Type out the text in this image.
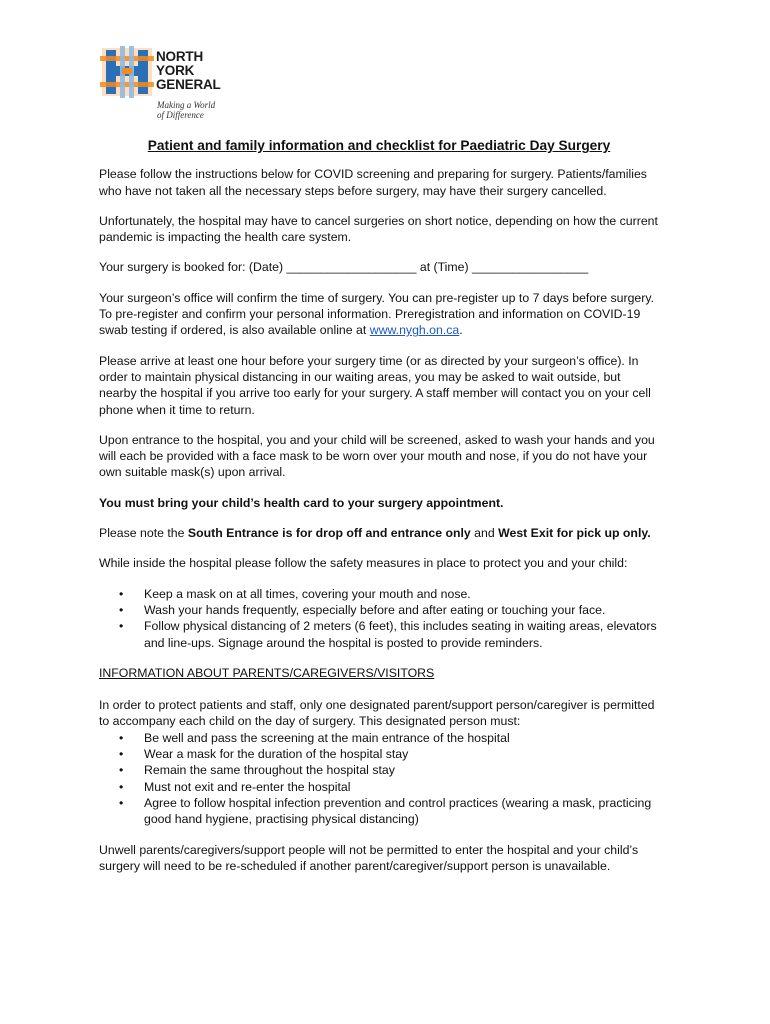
NORTH
YORK
GENERAL
Making a World
of Difference
Patient and family information and checklist for Paediatric Day Surgery

Please follow the instructions below for COVID screening and preparing for surgery. Patients/families who have not taken all the necessary steps before surgery, may have their surgery cancelled.

Unfortunately, the hospital may have to cancel surgeries on short notice, depending on how the current pandemic is impacting the health care system.

Your surgery is booked for: (Date) ___________________ at (Time) _________________

Your surgeon’s office will confirm the time of surgery. You can pre-register up to 7 days before surgery. To pre-register and confirm your personal information. Preregistration and information on COVID-19 swab testing if ordered, is also available online at www.nygh.on.ca.

Please arrive at least one hour before your surgery time (or as directed by your surgeon’s office). In order to maintain physical distancing in our waiting areas, you may be asked to wait outside, but nearby the hospital if you arrive too early for your surgery. A staff member will contact you on your cell phone when it time to return.

Upon entrance to the hospital, you and your child will be screened, asked to wash your hands and you will each be provided with a face mask to be worn over your mouth and nose, if you do not have your own suitable mask(s) upon arrival.

You must bring your child’s health card to your surgery appointment.

Please note the South Entrance is for drop off and entrance only and West Exit for pick up only.

While inside the hospital please follow the safety measures in place to protect you and your child:

• Keep a mask on at all times, covering your mouth and nose.
• Wash your hands frequently, especially before and after eating or touching your face.
• Follow physical distancing of 2 meters (6 feet), this includes seating in waiting areas, elevators and line-ups. Signage around the hospital is posted to provide reminders.
INFORMATION ABOUT PARENTS/CAREGIVERS/VISITORS

In order to protect patients and staff, only one designated parent/support person/caregiver is permitted to accompany each child on the day of surgery. This designated person must:

• Be well and pass the screening at the main entrance of the hospital
• Wear a mask for the duration of the hospital stay
• Remain the same throughout the hospital stay
• Must not exit and re-enter the hospital
• Agree to follow hospital infection prevention and control practices (wearing a mask, practicing good hand hygiene, practising physical distancing)

Unwell parents/caregivers/support people will not be permitted to enter the hospital and your child’s surgery will need to be re-scheduled if another parent/caregiver/support person is unavailable.
